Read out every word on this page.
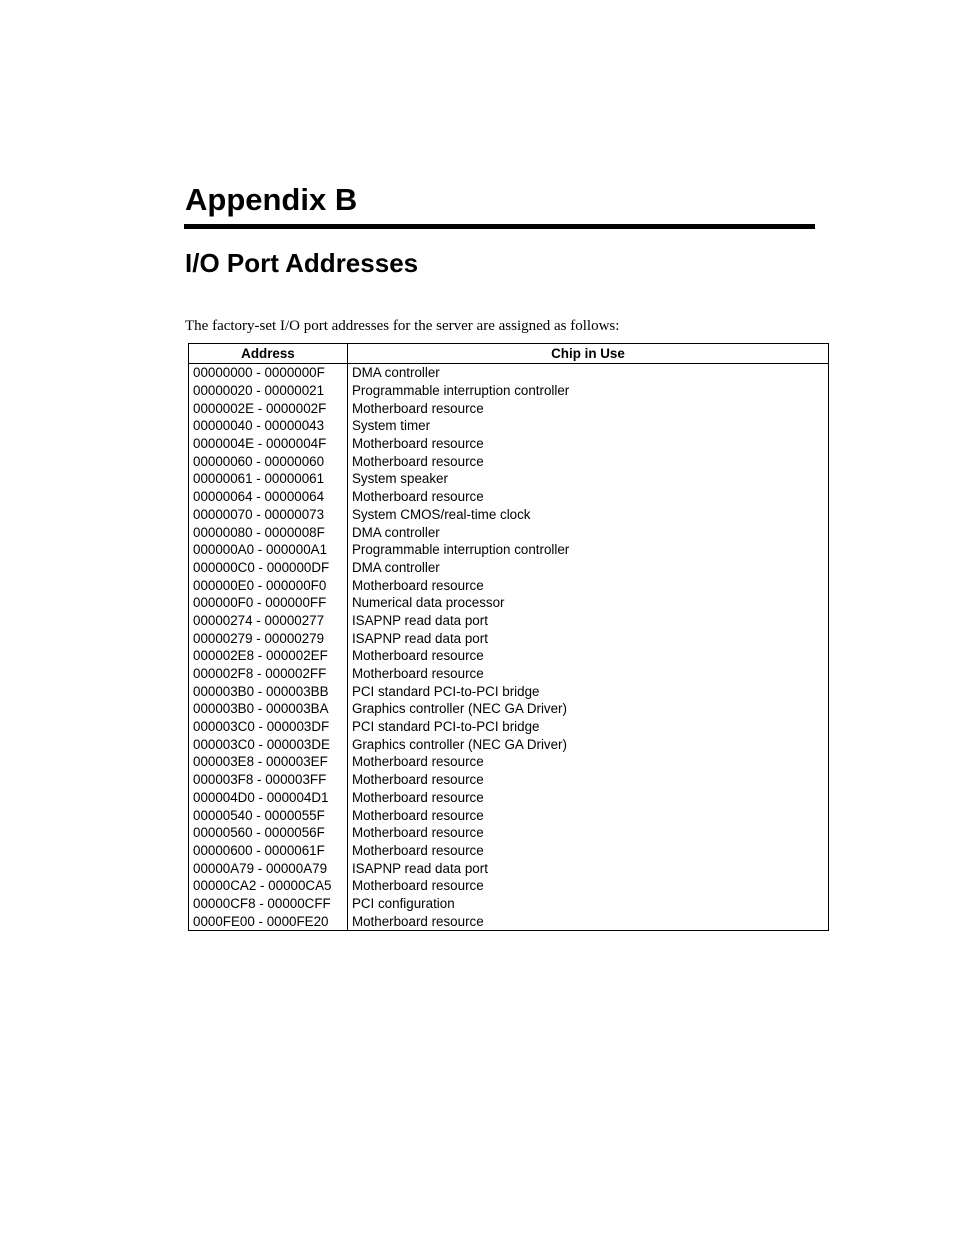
Appendix B
I/O Port Addresses

The factory-set I/O port addresses for the server are assigned as follows:

Address	Chip in Use
00000000 - 0000000F	DMA controller
00000020 - 00000021	Programmable interruption controller
0000002E - 0000002F	Motherboard resource
00000040 - 00000043	System timer
0000004E - 0000004F	Motherboard resource
00000060 - 00000060	Motherboard resource
00000061 - 00000061	System speaker
00000064 - 00000064	Motherboard resource
00000070 - 00000073	System CMOS/real-time clock
00000080 - 0000008F	DMA controller
000000A0 - 000000A1	Programmable interruption controller
000000C0 - 000000DF	DMA controller
000000E0 - 000000F0	Motherboard resource
000000F0 - 000000FF	Numerical data processor
00000274 - 00000277	ISAPNP read data port
00000279 - 00000279	ISAPNP read data port
000002E8 - 000002EF	Motherboard resource
000002F8 - 000002FF	Motherboard resource
000003B0 - 000003BB	PCI standard PCI-to-PCI bridge
000003B0 - 000003BA	Graphics controller (NEC GA Driver)
000003C0 - 000003DF	PCI standard PCI-to-PCI bridge
000003C0 - 000003DE	Graphics controller (NEC GA Driver)
000003E8 - 000003EF	Motherboard resource
000003F8 - 000003FF	Motherboard resource
000004D0 - 000004D1	Motherboard resource
00000540 - 0000055F	Motherboard resource
00000560 - 0000056F	Motherboard resource
00000600 - 0000061F	Motherboard resource
00000A79 - 00000A79	ISAPNP read data port
00000CA2 - 00000CA5	Motherboard resource
00000CF8 - 00000CFF	PCI configuration
0000FE00 - 0000FE20	Motherboard resource
